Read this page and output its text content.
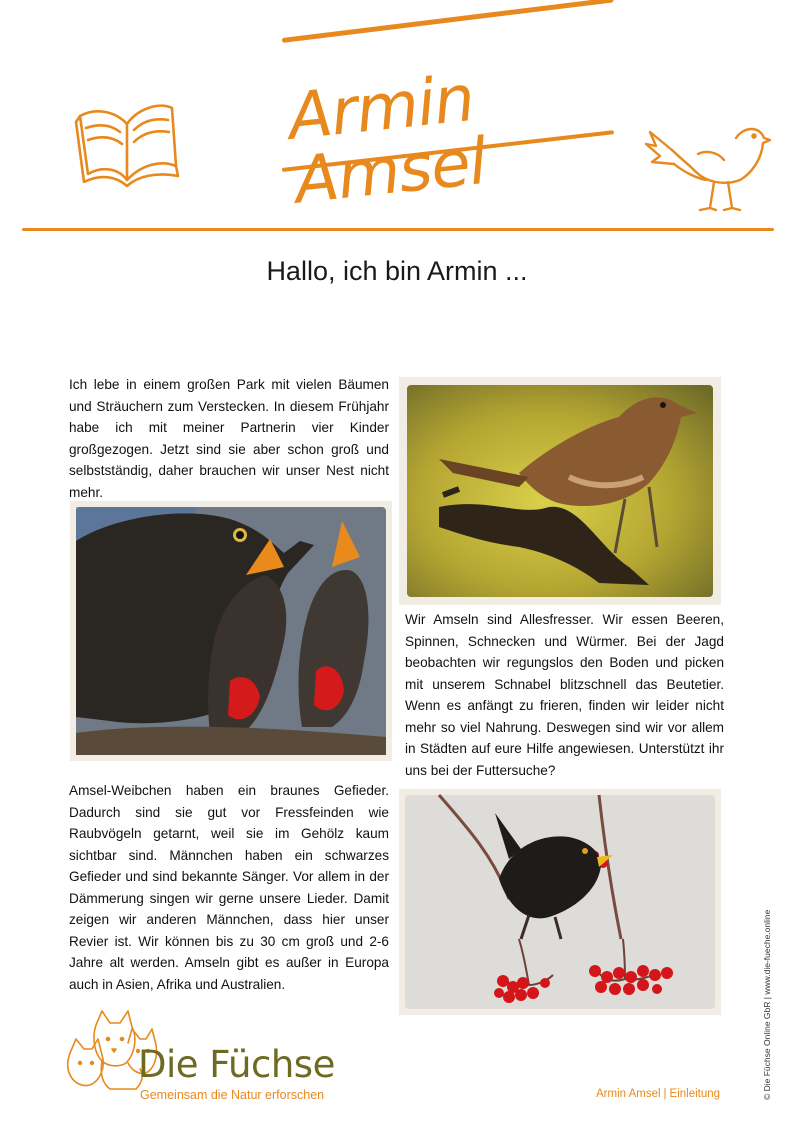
Armin Amsel
Hallo, ich bin Armin ...

Ich lebe in einem großen Park mit vielen Bäumen und Sträuchern zum Verstecken. In diesem Frühjahr habe ich mit meiner Partnerin vier Kinder großgezogen. Jetzt sind sie aber schon groß und selbstständig, daher brauchen wir unser Nest nicht mehr.

Wir Amseln sind Allesfresser. Wir essen Beeren, Spinnen, Schnecken und Würmer. Bei der Jagd beobachten wir regungslos den Boden und picken mit unserem Schnabel blitzschnell das Beutetier. Wenn es anfängt zu frieren, finden wir leider nicht mehr so viel Nahrung. Deswegen sind wir vor allem in Städten auf eure Hilfe angewiesen. Unterstützt ihr uns bei der Futtersuche?

Amsel-Weibchen haben ein braunes Gefieder. Dadurch sind sie gut vor Fressfeinden wie Raubvögeln getarnt, weil sie im Gehölz kaum sichtbar sind. Männchen haben ein schwarzes Gefieder und sind bekannte Sänger. Vor allem in der Dämmerung singen wir gerne unsere Lieder. Damit zeigen wir anderen Männchen, dass hier unser Revier ist. Wir können bis zu 30 cm groß und 2-6 Jahre alt werden. Amseln gibt es außer in Europa auch in Asien, Afrika und Australien.

Die Füchse
Gemeinsam die Natur erforschen	Armin Amsel | Einleitung	© Die Füchse Online GbR | www.die-fueche.online
